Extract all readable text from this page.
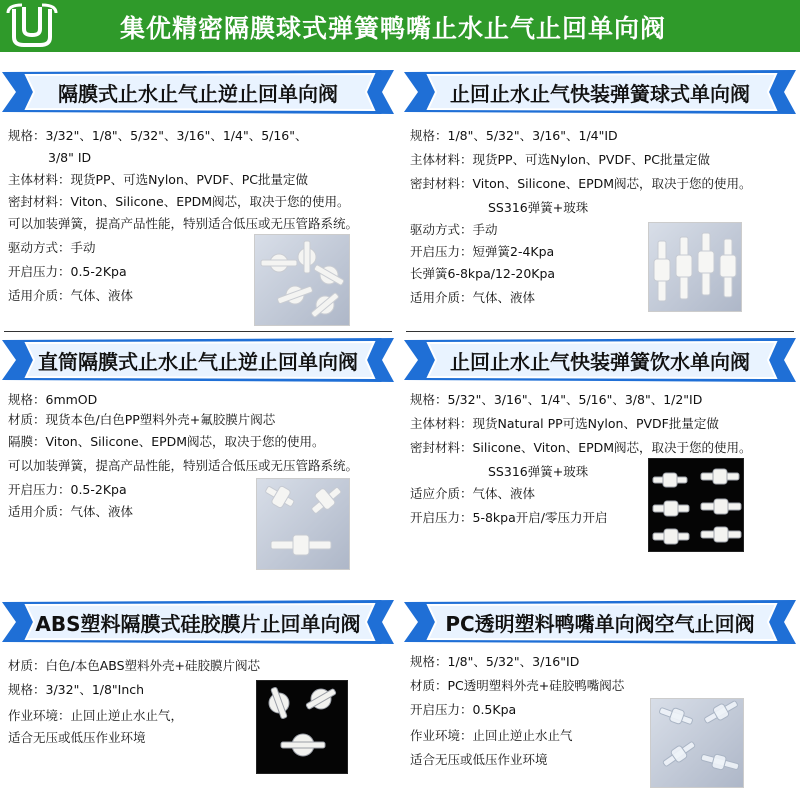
集优精密隔膜球式弹簧鸭嘴止水止气止回单向阀
隔膜式止水止气止逆止回单向阀
规格：3/32"、1/8"、5/32"、3/16"、1/4"、5/16"、
3/8" ID
主体材料：现货PP、可选Nylon、PVDF、PC批量定做
密封材料：Viton、Silicone、EPDM阀芯，取决于您的使用。
可以加装弹簧，提高产品性能，特别适合低压或无压管路系统。
驱动方式：手动
开启压力：0.5-2Kpa
适用介质：气体、液体
止回止水止气快装弹簧球式单向阀
规格：1/8"、5/32"、3/16"、1/4"ID
主体材料：现货PP、可选Nylon、PVDF、PC批量定做
密封材料：Viton、Silicone、EPDM阀芯，取决于您的使用。
SS316弹簧+玻珠
驱动方式：手动
开启压力：短弹簧2-4Kpa
长弹簧6-8kpa/12-20Kpa
适用介质：气体、液体
直筒隔膜式止水止气止逆止回单向阀
规格：6mmOD
材质：现货本色/白色PP塑料外壳+氟胶膜片阀芯
隔膜：Viton、Silicone、EPDM阀芯，取决于您的使用。
可以加装弹簧，提高产品性能，特别适合低压或无压管路系统。
开启压力：0.5-2Kpa
适用介质：气体、液体
止回止水止气快装弹簧饮水单向阀
规格：5/32"、3/16"、1/4"、5/16"、3/8"、1/2"ID
主体材料：现货Natural PP可选Nylon、PVDF批量定做
密封材料：Silicone、Viton、EPDM阀芯，取决于您的使用。
SS316弹簧+玻珠
适应介质：气体、液体
开启压力：5-8kpa开启/零压力开启
ABS塑料隔膜式硅胶膜片止回单向阀
材质：白色/本色ABS塑料外壳+硅胶膜片阀芯
规格：3/32"、1/8"Inch
作业环境：止回止逆止水止气，
适合无压或低压作业环境
PC透明塑料鸭嘴单向阀空气止回阀
规格：1/8"、5/32"、3/16"ID
材质：PC透明塑料外壳+硅胶鸭嘴阀芯
开启压力：0.5Kpa
作业环境：止回止逆止水止气
适合无压或低压作业环境
